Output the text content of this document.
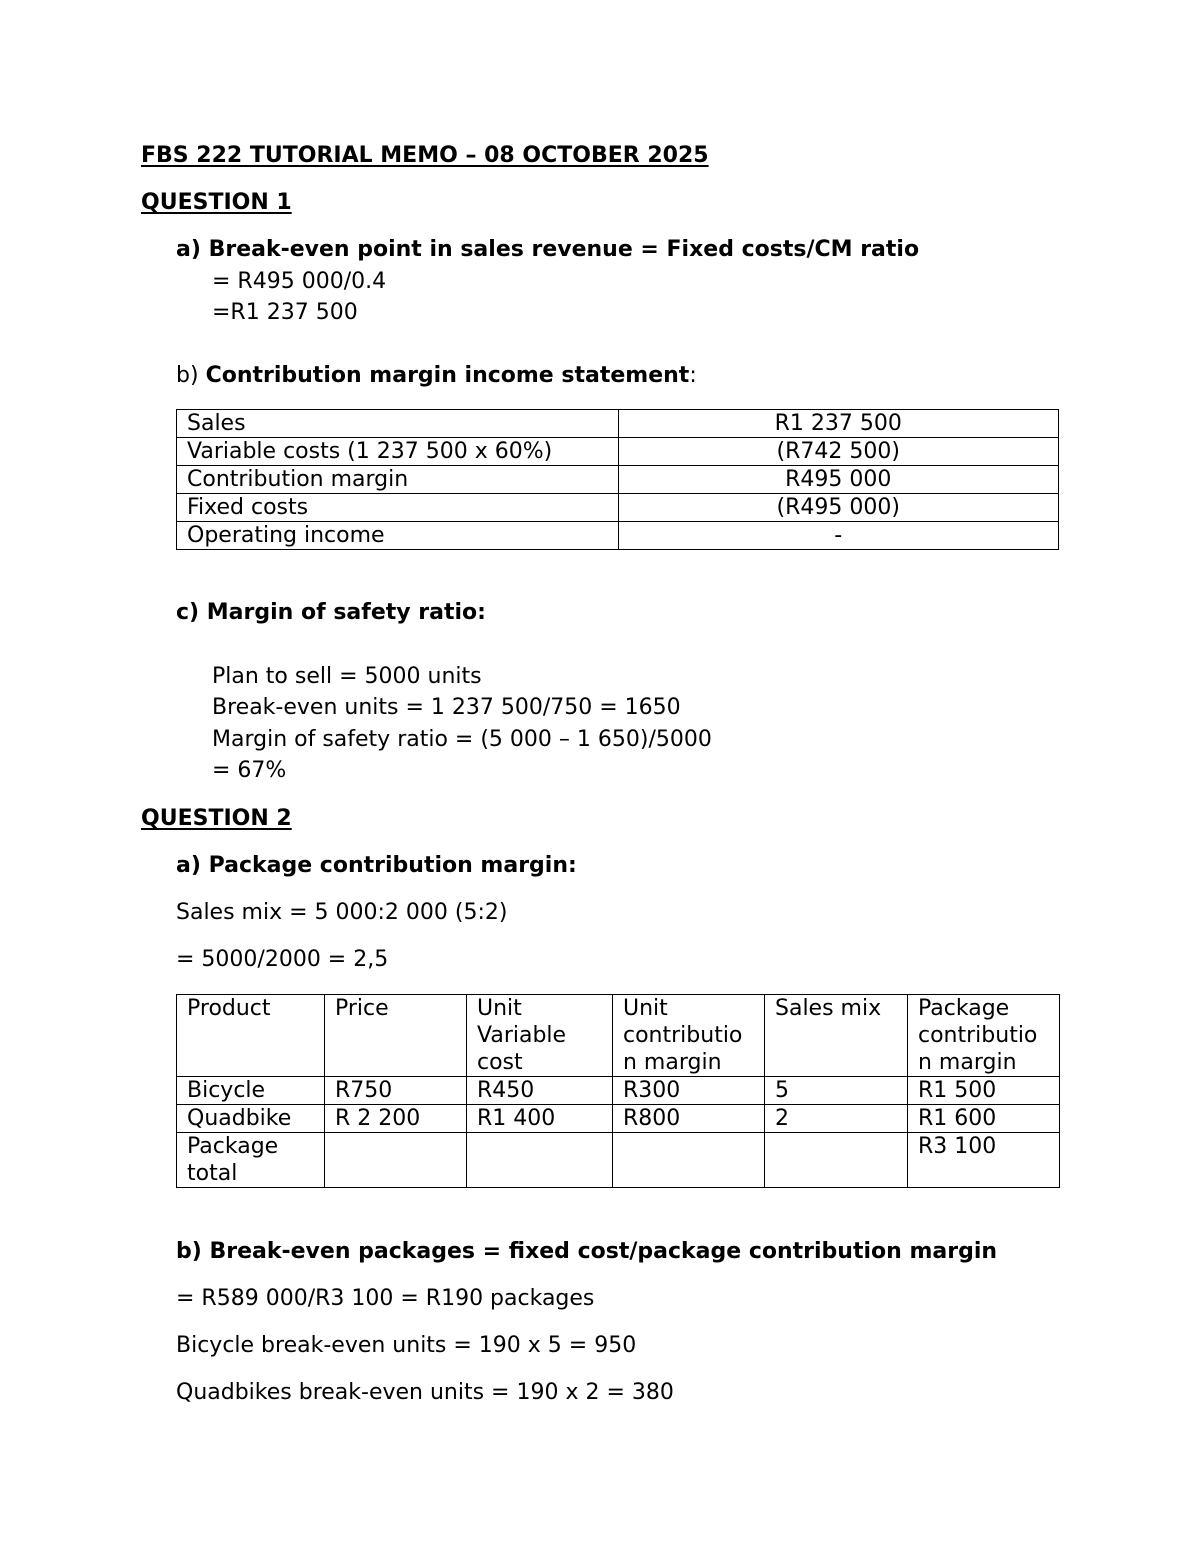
FBS 222 TUTORIAL MEMO – 08 OCTOBER 2025
QUESTION 1
a) Break-even point in sales revenue = Fixed costs/CM ratio
= R495 000/0.4
=R1 237 500
b) Contribution margin income statement:
Sales	R1 237 500
Variable costs (1 237 500 x 60%)	(R742 500)
Contribution margin	R495 000
Fixed costs	(R495 000)
Operating income	-
c) Margin of safety ratio:
Plan to sell = 5000 units
Break-even units = 1 237 500/750 = 1650
Margin of safety ratio = (5 000 – 1 650)/5000
= 67%
QUESTION 2
a) Package contribution margin:
Sales mix = 5 000:2 000 (5:2)
= 5000/2000 = 2,5
Product	Price	Unit Variable cost	Unit contributio n margin	Sales mix	Package contributio n margin
Bicycle	R750	R450	R300	5	R1 500
Quadbike	R 2 200	R1 400	R800	2	R1 600
Package total					R3 100
b) Break-even packages = fixed cost/package contribution margin
= R589 000/R3 100 = R190 packages
Bicycle break-even units = 190 x 5 = 950
Quadbikes break-even units = 190 x 2 = 380
